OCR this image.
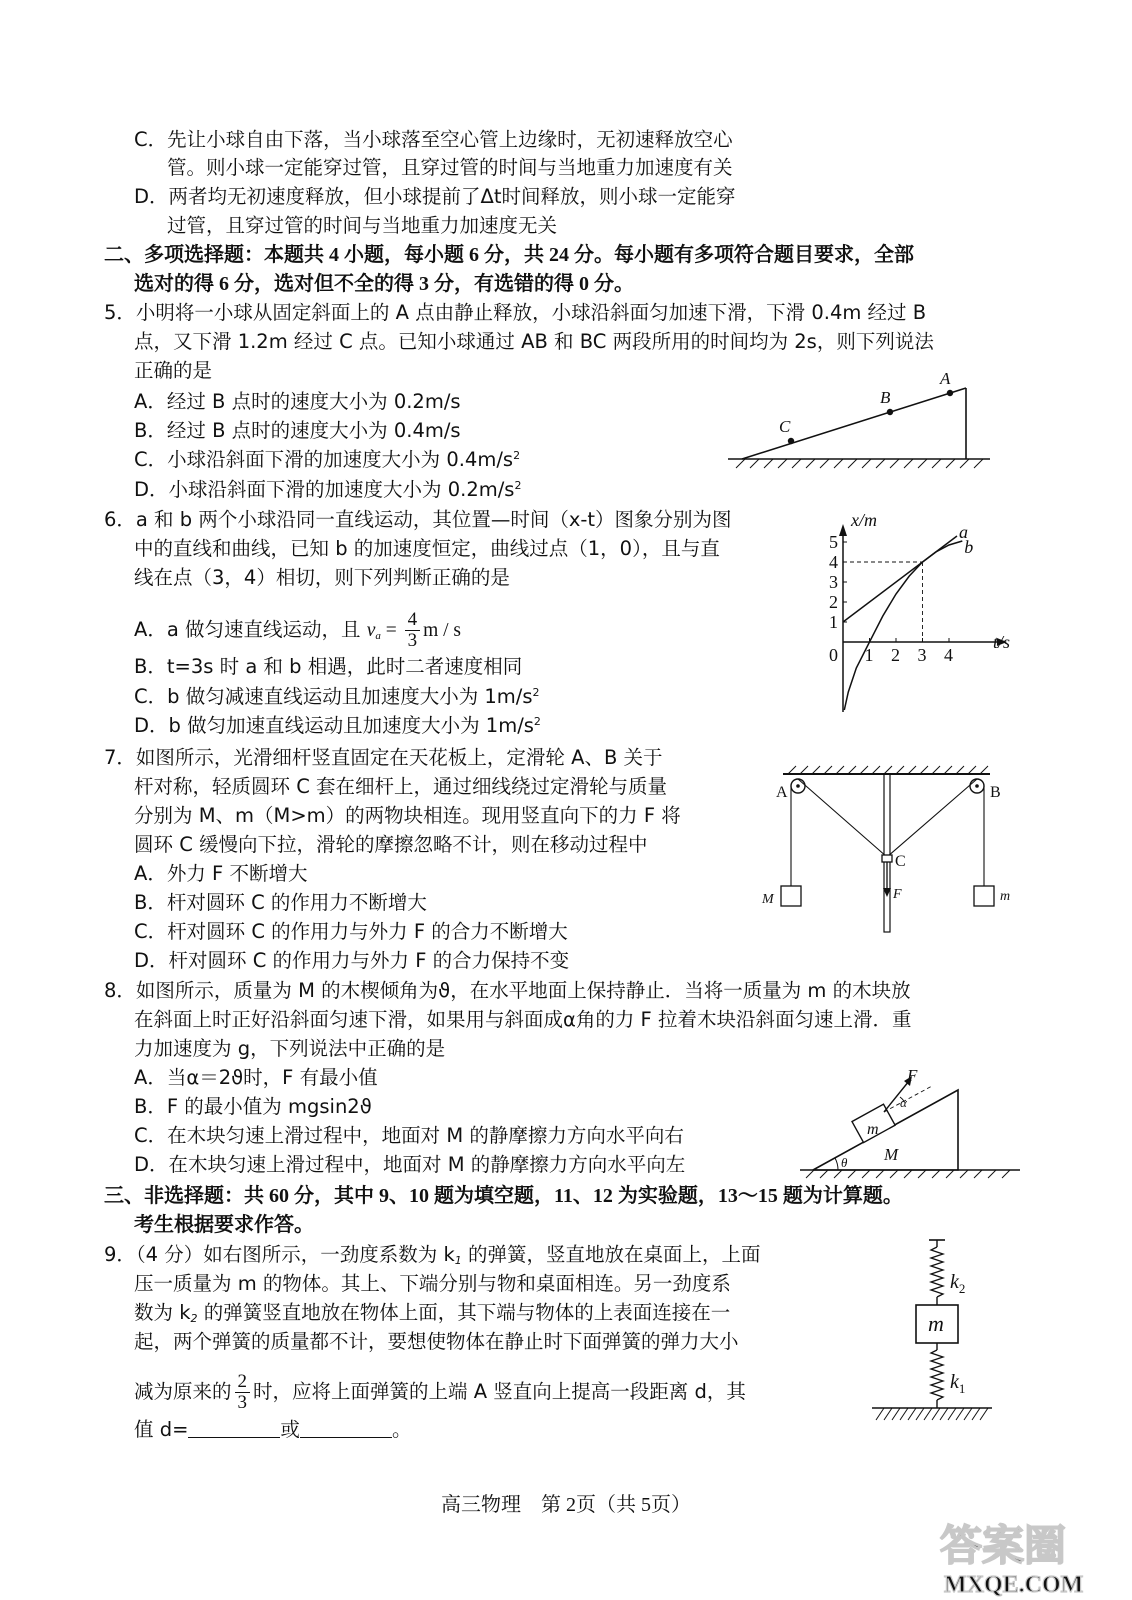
C．先让小球自由下落，当小球落至空心管上边缘时，无初速释放空心
管。则小球一定能穿过管，且穿过管的时间与当地重力加速度有关
D．两者均无初速度释放，但小球提前了Δt时间释放，则小球一定能穿
过管，且穿过管的时间与当地重力加速度无关
二、多项选择题：本题共 4 小题，每小题 6 分，共 24 分。每小题有多项符合题目要求，全部
选对的得 6 分，选对但不全的得 3 分，有选错的得 0 分。
5．小明将一小球从固定斜面上的 A 点由静止释放，小球沿斜面匀加速下滑，下滑 0.4m 经过 B
点，又下滑 1.2m 经过 C 点。已知小球通过 AB 和 BC 两段所用的时间均为 2s，则下列说法
正确的是
A．经过 B 点时的速度大小为 0.2m/s
B．经过 B 点时的速度大小为 0.4m/s
C．小球沿斜面下滑的加速度大小为 $0.4m/s^2$
D．小球沿斜面下滑的加速度大小为 $0.2m/s^2$
A
B
C
6．a 和 b 两个小球沿同一直线运动，其位置—时间（x-t）图象分别为图
中的直线和曲线，已知 b 的加速度恒定，曲线过点（1，0），且与直
线在点（3，4）相切，则下列判断正确的是
A．a 做匀速直线运动，且 $v_a = \frac{4}{3}$ m / s
B．t=3s 时 a 和 b 相遇，此时二者速度相同
C．b 做匀减速直线运动且加速度大小为 $1m/s^2$
D．b 做匀加速直线运动且加速度大小为 $1m/s^2$
x/m
t/s
1
2
3
4
5
0 1 2 3 4
a
b
7．如图所示，光滑细杆竖直固定在天花板上，定滑轮 A、B 关于
杆对称，轻质圆环 C 套在细杆上，通过细线绕过定滑轮与质量
分别为 M、m（M>m）的两物块相连。现用竖直向下的力 F 将
圆环 C 缓慢向下拉，滑轮的摩擦忽略不计，则在移动过程中
A．外力 F 不断增大
B．杆对圆环 C 的作用力不断增大
C．杆对圆环 C 的作用力与外力 F 的合力不断增大
D．杆对圆环 C 的作用力与外力 F 的合力保持不变
A	B
C
F
M	m
8．如图所示，质量为 M 的木楔倾角为ϑ，在水平地面上保持静止．当将一质量为 m 的木块放
在斜面上时正好沿斜面匀速下滑，如果用与斜面成α角的力 F 拉着木块沿斜面匀速上滑．重
力加速度为 g，下列说法中正确的是
A．当α＝2ϑ时，F 有最小值
B．F 的最小值为 mgsin2ϑ
C．在木块匀速上滑过程中，地面对 M 的静摩擦力方向水平向右
D．在木块匀速上滑过程中，地面对 M 的静摩擦力方向水平向左
F
α
m
M
θ
三、非选择题：共 60 分，其中 9、10 题为填空题，11、12 为实验题，13～15 题为计算题。
考生根据要求作答。
9．（4 分）如右图所示，一劲度系数为 $k_1$ 的弹簧，竖直地放在桌面上，上面
压一质量为 m 的物体。其上、下端分别与物和桌面相连。另一劲度系
数为 $k_2$ 的弹簧竖直地放在物体上面，其下端与物体的上表面连接在一
起，两个弹簧的质量都不计，要想使物体在静止时下面弹簧的弹力大小
减为原来的 $\frac{2}{3}$ 时，应将上面弹簧的上端 A 竖直向上提高一段距离 d，其
值 d=	或	。
$k_2$
m
$k_1$
高三物理　第 2页（共 5页）
答案圈
MXQE.COM
